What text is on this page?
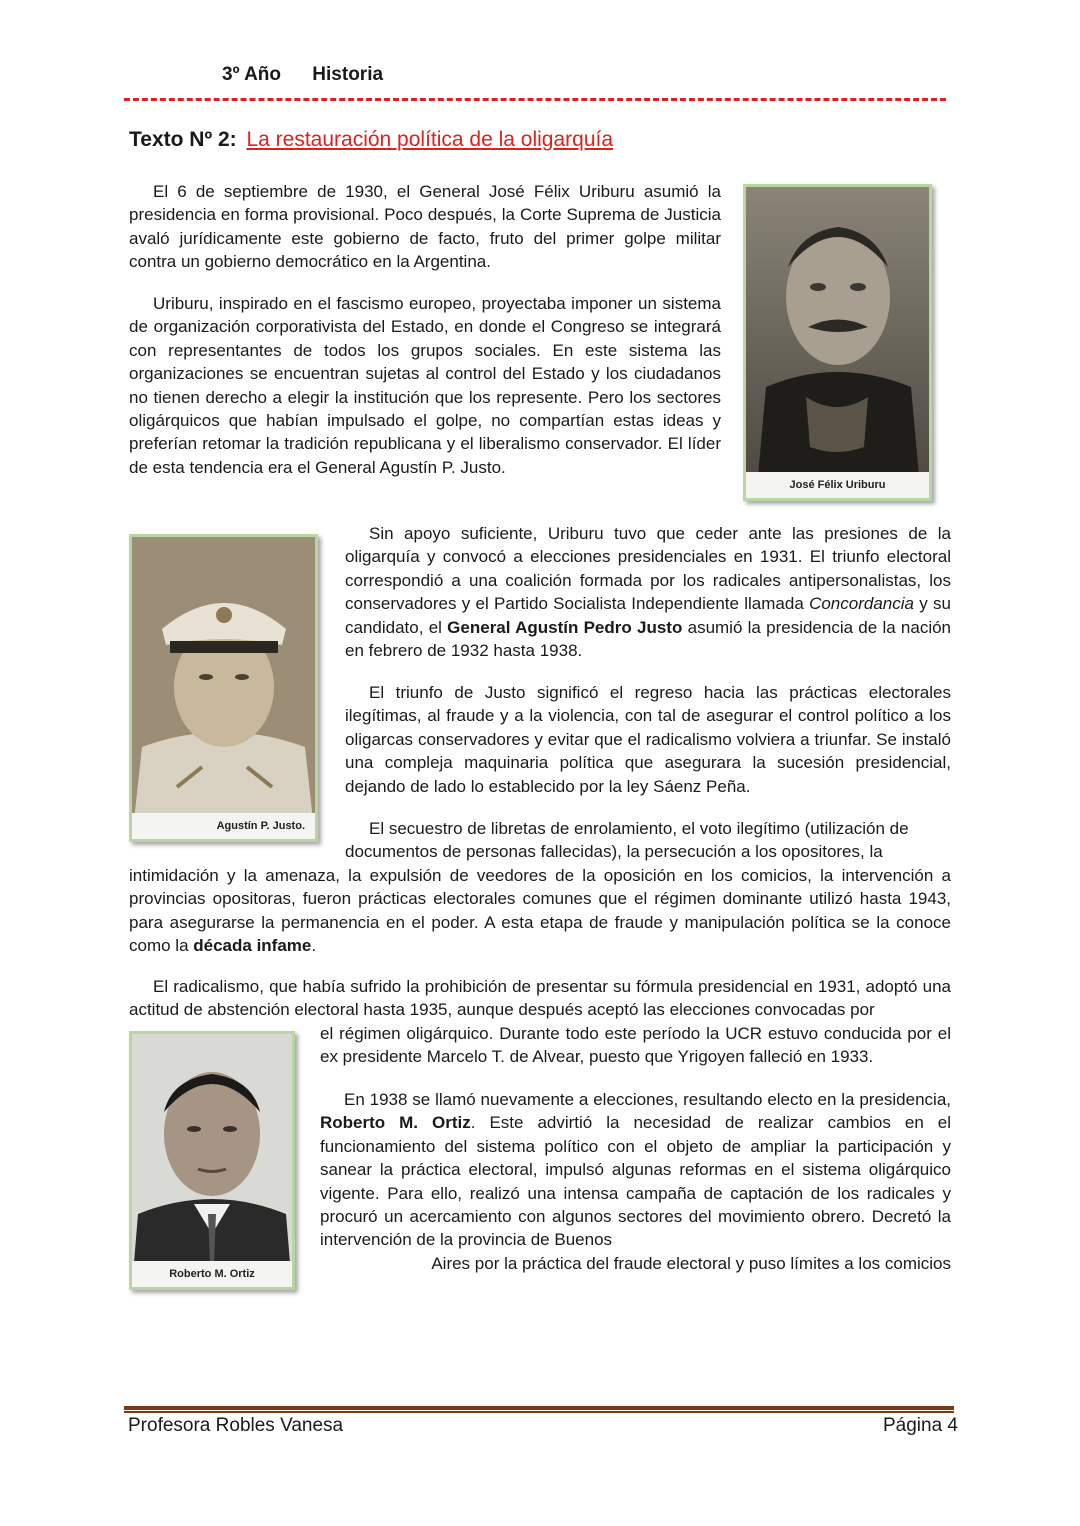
3º Año Historia
Texto Nº 2: La restauración política de la oligarquía

El 6 de septiembre de 1930, el General José Félix Uriburu asumió la presidencia en forma provisional. Poco después, la Corte Suprema de Justicia avaló jurídicamente este gobierno de facto, fruto del primer golpe militar contra un gobierno democrático en la Argentina.

Uriburu, inspirado en el fascismo europeo, proyectaba imponer un sistema de organización corporativista del Estado, en donde el Congreso se integrará con representantes de todos los grupos sociales. En este sistema las organizaciones se encuentran sujetas al control del Estado y los ciudadanos no tienen derecho a elegir la institución que los represente. Pero los sectores oligárquicos que habían impulsado el golpe, no compartían estas ideas y preferían retomar la tradición republicana y el liberalismo conservador. El líder de esta tendencia era el General Agustín P. Justo.

José Félix Uriburu
Agustín P. Justo.

Sin apoyo suficiente, Uriburu tuvo que ceder ante las presiones de la oligarquía y convocó a elecciones presidenciales en 1931. El triunfo electoral correspondió a una coalición formada por los radicales antipersonalistas, los conservadores y el Partido Socialista Independiente llamada Concordancia y su candidato, el General Agustín Pedro Justo asumió la presidencia de la nación en febrero de 1932 hasta 1938.

El triunfo de Justo significó el regreso hacia las prácticas electorales ilegítimas, al fraude y a la violencia, con tal de asegurar el control político a los oligarcas conservadores y evitar que el radicalismo volviera a triunfar. Se instaló una compleja maquinaria política que asegurara la sucesión presidencial, dejando de lado lo establecido por la ley Sáenz Peña.

El secuestro de libretas de enrolamiento, el voto ilegítimo (utilización de documentos de personas fallecidas), la persecución a los opositores, la

intimidación y la amenaza, la expulsión de veedores de la oposición en los comicios, la intervención a provincias opositoras, fueron prácticas electorales comunes que el régimen dominante utilizó hasta 1943, para asegurarse la permanencia en el poder. A esta etapa de fraude y manipulación política se la conoce como la década infame.

El radicalismo, que había sufrido la prohibición de presentar su fórmula presidencial en 1931, adoptó una actitud de abstención electoral hasta 1935, aunque después aceptó las elecciones convocadas por

el régimen oligárquico. Durante todo este período la UCR estuvo conducida por el ex presidente Marcelo T. de Alvear, puesto que Yrigoyen falleció en 1933.

Roberto M. Ortiz

En 1938 se llamó nuevamente a elecciones, resultando electo en la presidencia, Roberto M. Ortiz. Este advirtió la necesidad de realizar cambios en el funcionamiento del sistema político con el objeto de ampliar la participación y sanear la práctica electoral, impulsó algunas reformas en el sistema oligárquico vigente. Para ello, realizó una intensa campaña de captación de los radicales y procuró un acercamiento con algunos sectores del movimiento obrero. Decretó la intervención de la provincia de Buenos

Aires por la práctica del fraude electoral y puso límites a los comicios

Profesora Robles Vanesa	Página 4
